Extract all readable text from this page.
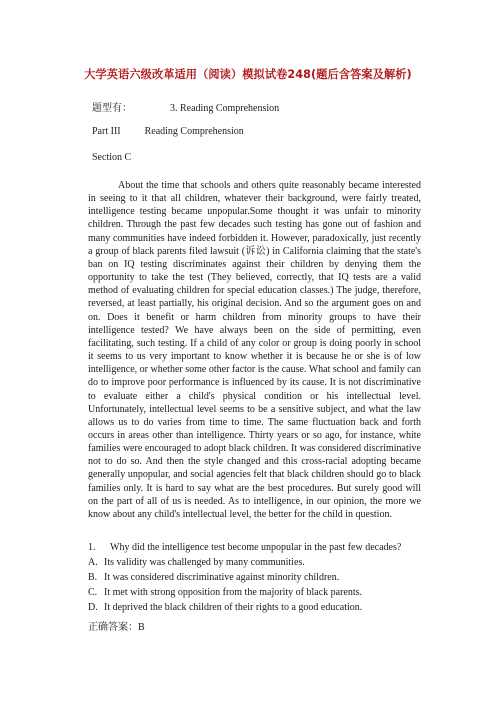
大学英语六级改革适用（阅读）模拟试卷248(题后含答案及解析)
题型有：	3. Reading Comprehension
Part III Reading Comprehension
Section C

About the time that schools and others quite reasonably became interested in seeing to it that all children, whatever their background, were fairly treated, intelligence testing became unpopular.Some thought it was unfair to minority children. Through the past few decades such testing has gone out of fashion and many communities have indeed forbidden it. However, paradoxically, just recently a group of black parents filed lawsuit (诉讼) in California claiming that the state's ban on IQ testing discriminates against their children by denying them the opportunity to take the test (They believed, correctly, that IQ tests are a valid method of evaluating children for special education classes.) The judge, therefore, reversed, at least partially, his original decision. And so the argument goes on and on. Does it benefit or harm children from minority groups to have their intelligence tested? We have always been on the side of permitting, even facilitating, such testing. If a child of any color or group is doing poorly in school it seems to us very important to know whether it is because he or she is of low intelligence, or whether some other factor is the cause. What school and family can do to improve poor performance is influenced by its cause. It is not discriminative to evaluate either a child's physical condition or his intellectual level. Unfortunately, intellectual level seems to be a sensitive subject, and what the law allows us to do varies from time to time. The same fluctuation back and forth occurs in areas other than intelligence. Thirty years or so ago, for instance, white families were encouraged to adopt black children. It was considered discriminative not to do so. And then the style changed and this cross-racial adopting became generally unpopular, and social agencies felt that black children should go to black families only. It is hard to say what are the best procedures. But surely good will on the part of all of us is needed. As to intelligence, in our opinion, the more we know about any child's intellectual level, the better for the child in question.

1. Why did the intelligence test become unpopular in the past few decades?

A. Its validity was challenged by many communities.

B. It was considered discriminative against minority children.

C. It met with strong opposition from the majority of black parents.

D. It deprived the black children of their rights to a good education.

正确答案：B
